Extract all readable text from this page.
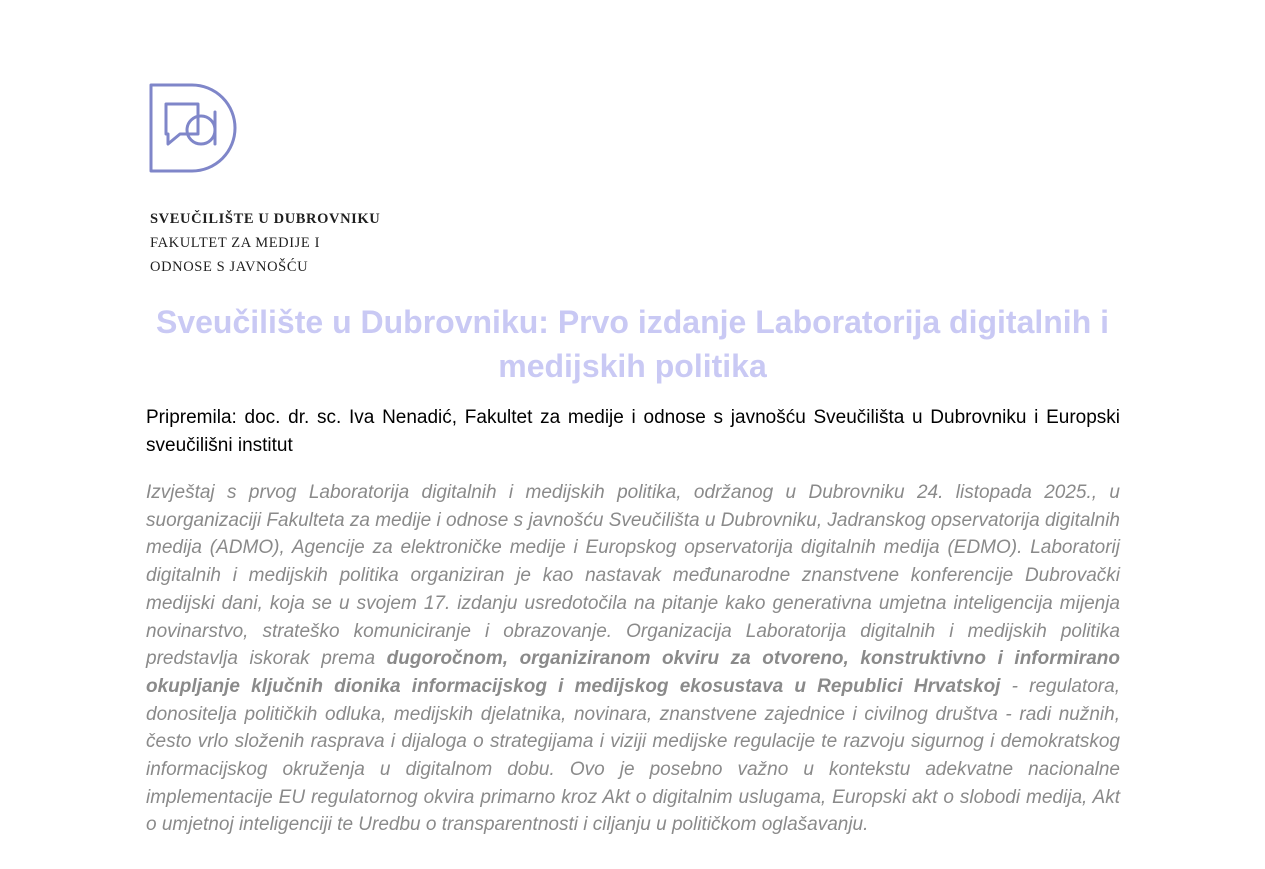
SVEUČILIŠTE U DUBROVNIKU
FAKULTET ZA MEDIJE I
ODNOSE S JAVNOŠĆU
Sveučilište u Dubrovniku: Prvo izdanje Laboratorija digitalnih i medijskih politika
Pripremila: doc. dr. sc. Iva Nenadić, Fakultet za medije i odnose s javnošću Sveučilišta u Dubrovniku i Europski sveučilišni institut
Izvještaj s prvog Laboratorija digitalnih i medijskih politika, održanog u Dubrovniku 24. listopada 2025., u suorganizaciji Fakulteta za medije i odnose s javnošću Sveučilišta u Dubrovniku, Jadranskog opservatorija digitalnih medija (ADMO), Agencije za elektroničke medije i Europskog opservatorija digitalnih medija (EDMO). Laboratorij digitalnih i medijskih politika organiziran je kao nastavak međunarodne znanstvene konferencije Dubrovački medijski dani, koja se u svojem 17. izdanju usredotočila na pitanje kako generativna umjetna inteligencija mijenja novinarstvo, strateško komuniciranje i obrazovanje. Organizacija Laboratorija digitalnih i medijskih politika predstavlja iskorak prema dugoročnom, organiziranom okviru za otvoreno, konstruktivno i informirano okupljanje ključnih dionika informacijskog i medijskog ekosustava u Republici Hrvatskoj - regulatora, donositelja političkih odluka, medijskih djelatnika, novinara, znanstvene zajednice i civilnog društva - radi nužnih, često vrlo složenih rasprava i dijaloga o strategijama i viziji medijske regulacije te razvoju sigurnog i demokratskog informacijskog okruženja u digitalnom dobu. Ovo je posebno važno u kontekstu adekvatne nacionalne implementacije EU regulatornog okvira primarno kroz Akt o digitalnim uslugama, Europski akt o slobodi medija, Akt o umjetnoj inteligenciji te Uredbu o transparentnosti i ciljanju u političkom oglašavanju.
